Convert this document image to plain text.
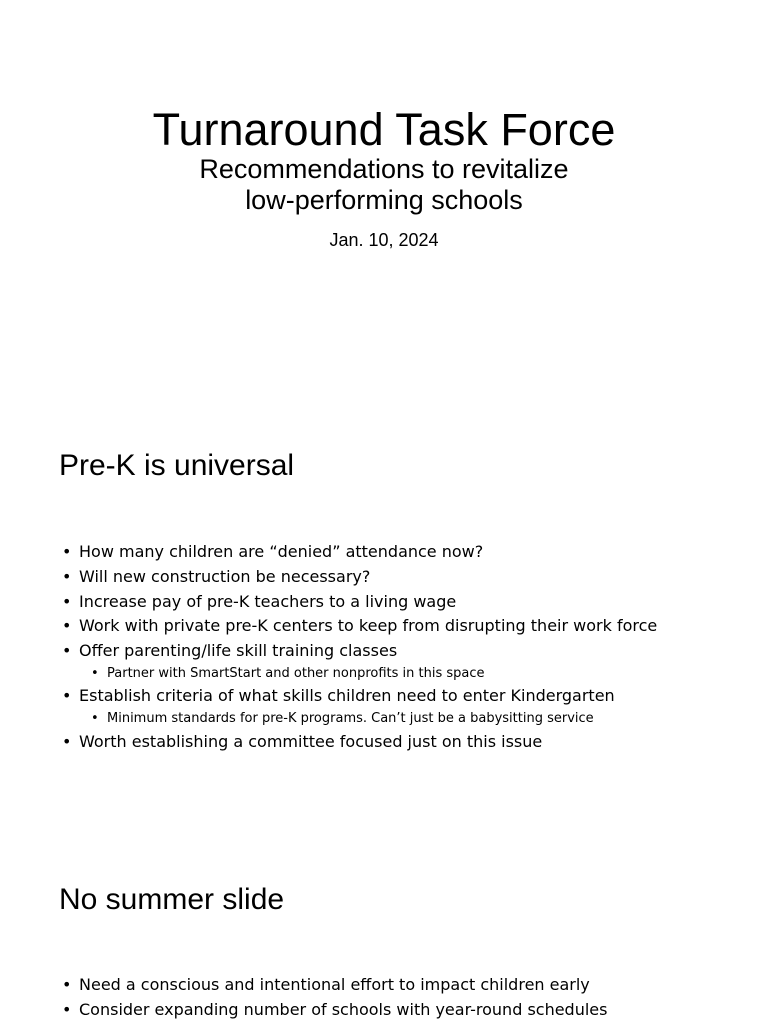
Turnaround Task Force
Recommendations to revitalize
low-performing schools
Jan. 10, 2024
Pre-K is universal
• How many children are “denied” attendance now?
• Will new construction be necessary?
• Increase pay of pre-K teachers to a living wage
• Work with private pre-K centers to keep from disrupting their work force
• Offer parenting/life skill training classes
• Partner with SmartStart and other nonprofits in this space
• Establish criteria of what skills children need to enter Kindergarten
• Minimum standards for pre-K programs. Can’t just be a babysitting service
• Worth establishing a committee focused just on this issue
No summer slide
• Need a conscious and intentional effort to impact children early
• Consider expanding number of schools with year-round schedules
